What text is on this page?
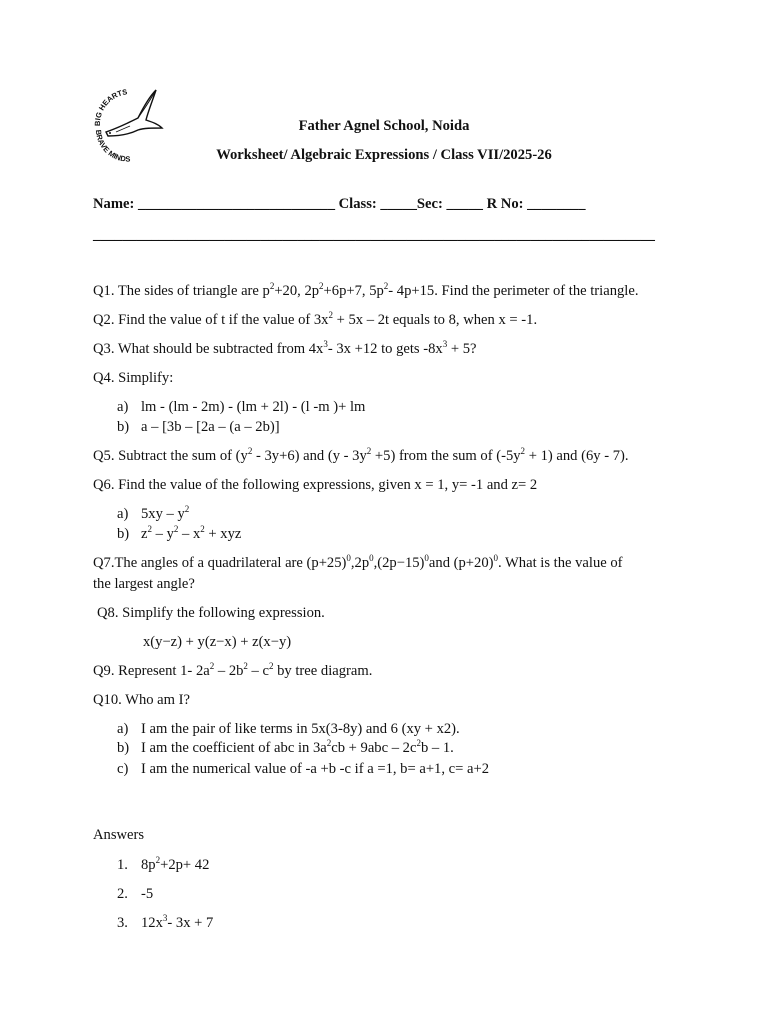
BIG HEARTS
BRAVE MINDS
Father Agnel School, Noida
Worksheet/ Algebraic Expressions / Class VII/2025-26
Name: ___________________________ Class: _____Sec: _____ R No: ________
_____________________________________________________________________________
Q1. The sides of triangle are $p^2+20$, $2p^2+6p+7$, $5p^2-$ 4p+15. Find the perimeter of the triangle.
Q2. Find the value of t if the value of $3x^2 + 5x - 2t$ equals to 8, when x = -1.
Q3. What should be subtracted from $4x^3-$ 3x +12 to gets $-8x^3 + 5$?
Q4. Simplify:
a) lm - (lm - 2m) - (lm + 2l) - (l -m )+ lm
b) a – [3b – [2a – (a – 2b)]
Q5. Subtract the sum of $(y^2 - 3y+6)$ and $(y - 3y^2 +5)$ from the sum of $(-5y^2 + 1)$ and (6y - 7).
Q6. Find the value of the following expressions, given x = 1, y= -1 and z= 2
a) $5xy - y^2$
b) $z^2 - y^2 - x^2$ + xyz
Q7.The angles of a quadrilateral are $(p+25)^0,2p^0,(2p-15)^0and$ $(p+20)^0$. What is the value of
the largest angle?
Q8. Simplify the following expression.
x(y−z) + y(z−x) + z(x−y)
Q9. Represent 1- $2a^2 - 2b^2 - c^2$ by tree diagram.
Q10. Who am I?
a) I am the pair of like terms in 5x(3-8y) and 6 (xy + x2).
b) I am the coefficient of abc in $3a^2cb + 9abc - 2c^2b - 1$.
c) I am the numerical value of -a +b -c if a =1, b= a+1, c= a+2
Answers
1. $8p^2+2p+ 42$
2. -5
3. $12x^3-$ 3x + 7
